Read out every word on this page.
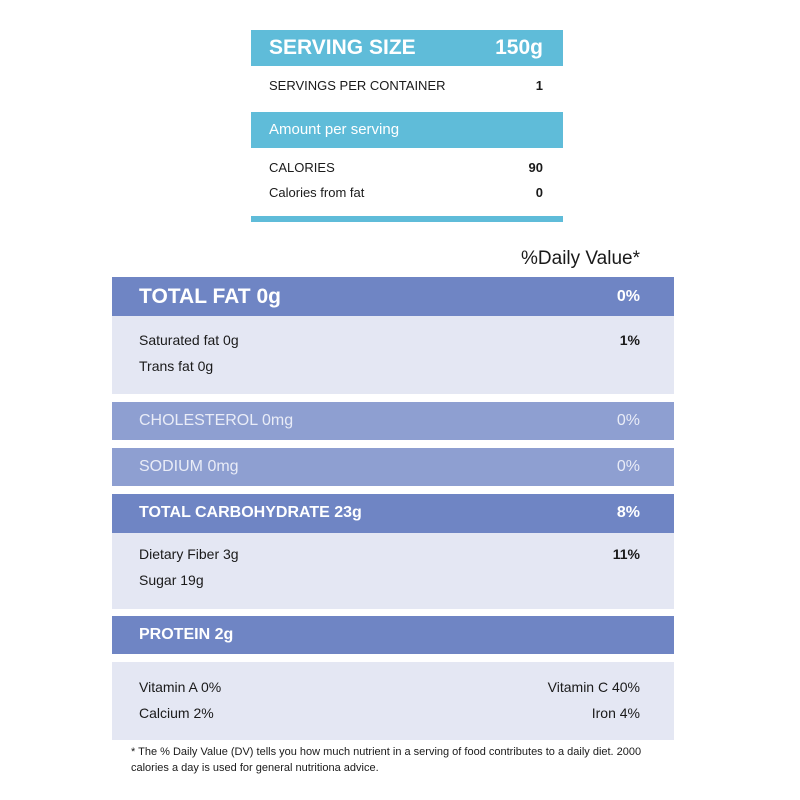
SERVING SIZE	150g
SERVINGS PER CONTAINER	1
Amount per serving
CALORIES	90
Calories from fat	0
%Daily Value*
TOTAL FAT 0g	0%
Saturated fat 0g	1%
Trans fat 0g
CHOLESTEROL 0mg	0%
SODIUM 0mg	0%
TOTAL CARBOHYDRATE 23g	8%
Dietary Fiber 3g	11%
Sugar 19g
PROTEIN 2g
Vitamin A 0%	Vitamin C 40%
Calcium 2%	Iron 4%
* The % Daily Value (DV) tells you how much nutrient in a serving of food contributes to a daily diet. 2000 calories a day is used for general nutritiona advice.
